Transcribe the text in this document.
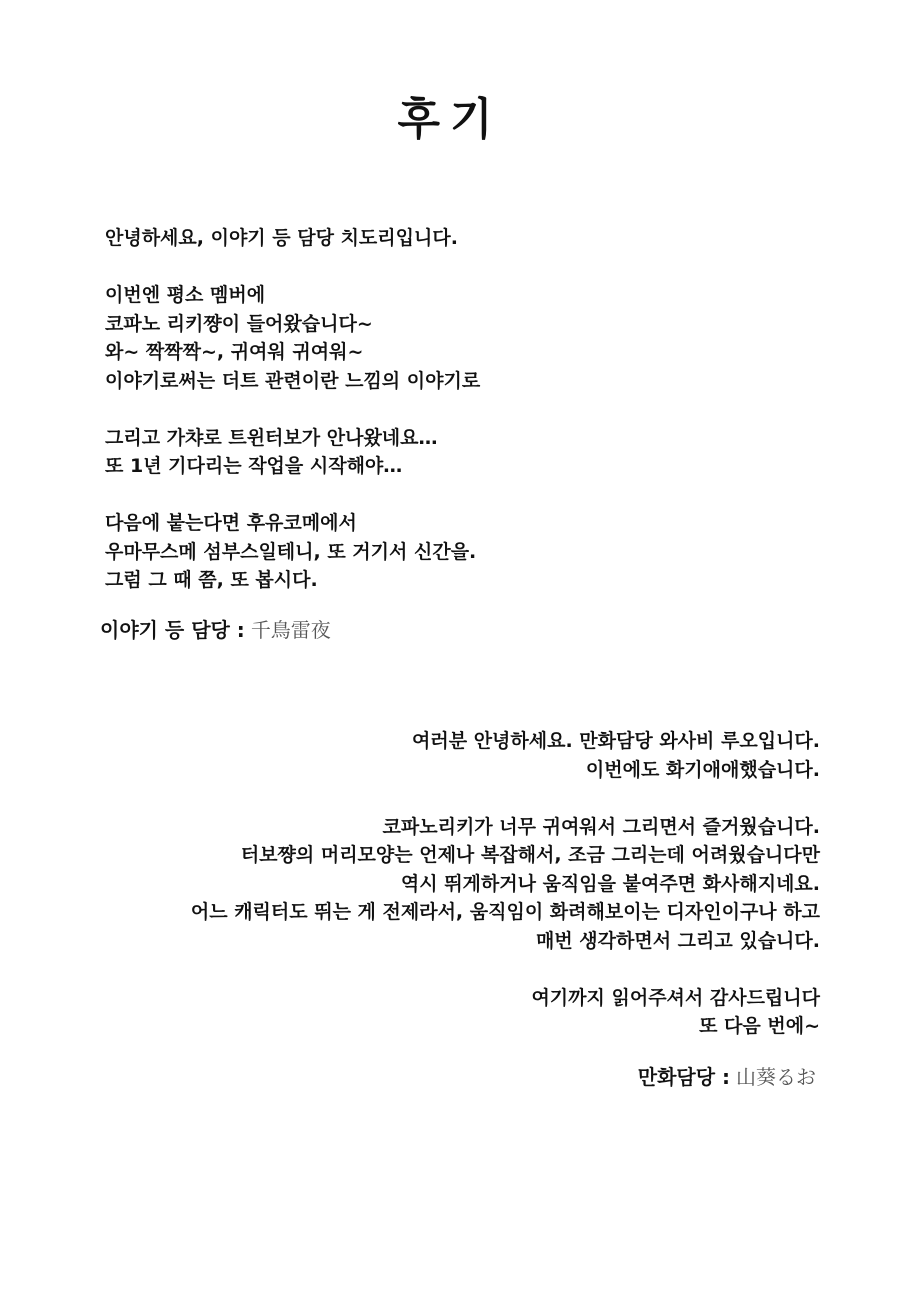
후기
안녕하세요, 이야기 등 담당 치도리입니다.
이번엔 평소 멤버에
코파노 리키쨩이 들어왔습니다~
와~ 짝짝짝~, 귀여워 귀여워~
이야기로써는 더트 관련이란 느낌의 이야기로
그리고 가챠로 트윈터보가 안나왔네요…
또 1년 기다리는 작업을 시작해야…
다음에 붙는다면 후유코메에서
우마무스메 섬부스일테니, 또 거기서 신간을.
그럼 그 때 쯤, 또 봅시다.
이야기 등 담당 : 千鳥雷夜
여러분 안녕하세요. 만화담당 와사비 루오입니다.
이번에도 화기애애했습니다.
코파노리키가 너무 귀여워서 그리면서 즐거웠습니다.
터보쨩의 머리모양는 언제나 복잡해서, 조금 그리는데 어려웠습니다만
역시 뛰게하거나 움직임을 붙여주면 화사해지네요.
어느 캐릭터도 뛰는 게 전제라서, 움직임이 화려해보이는 디자인이구나 하고
매번 생각하면서 그리고 있습니다.
여기까지 읽어주셔서 감사드립니다
또 다음 번에~
만화담당 : 山葵るお
